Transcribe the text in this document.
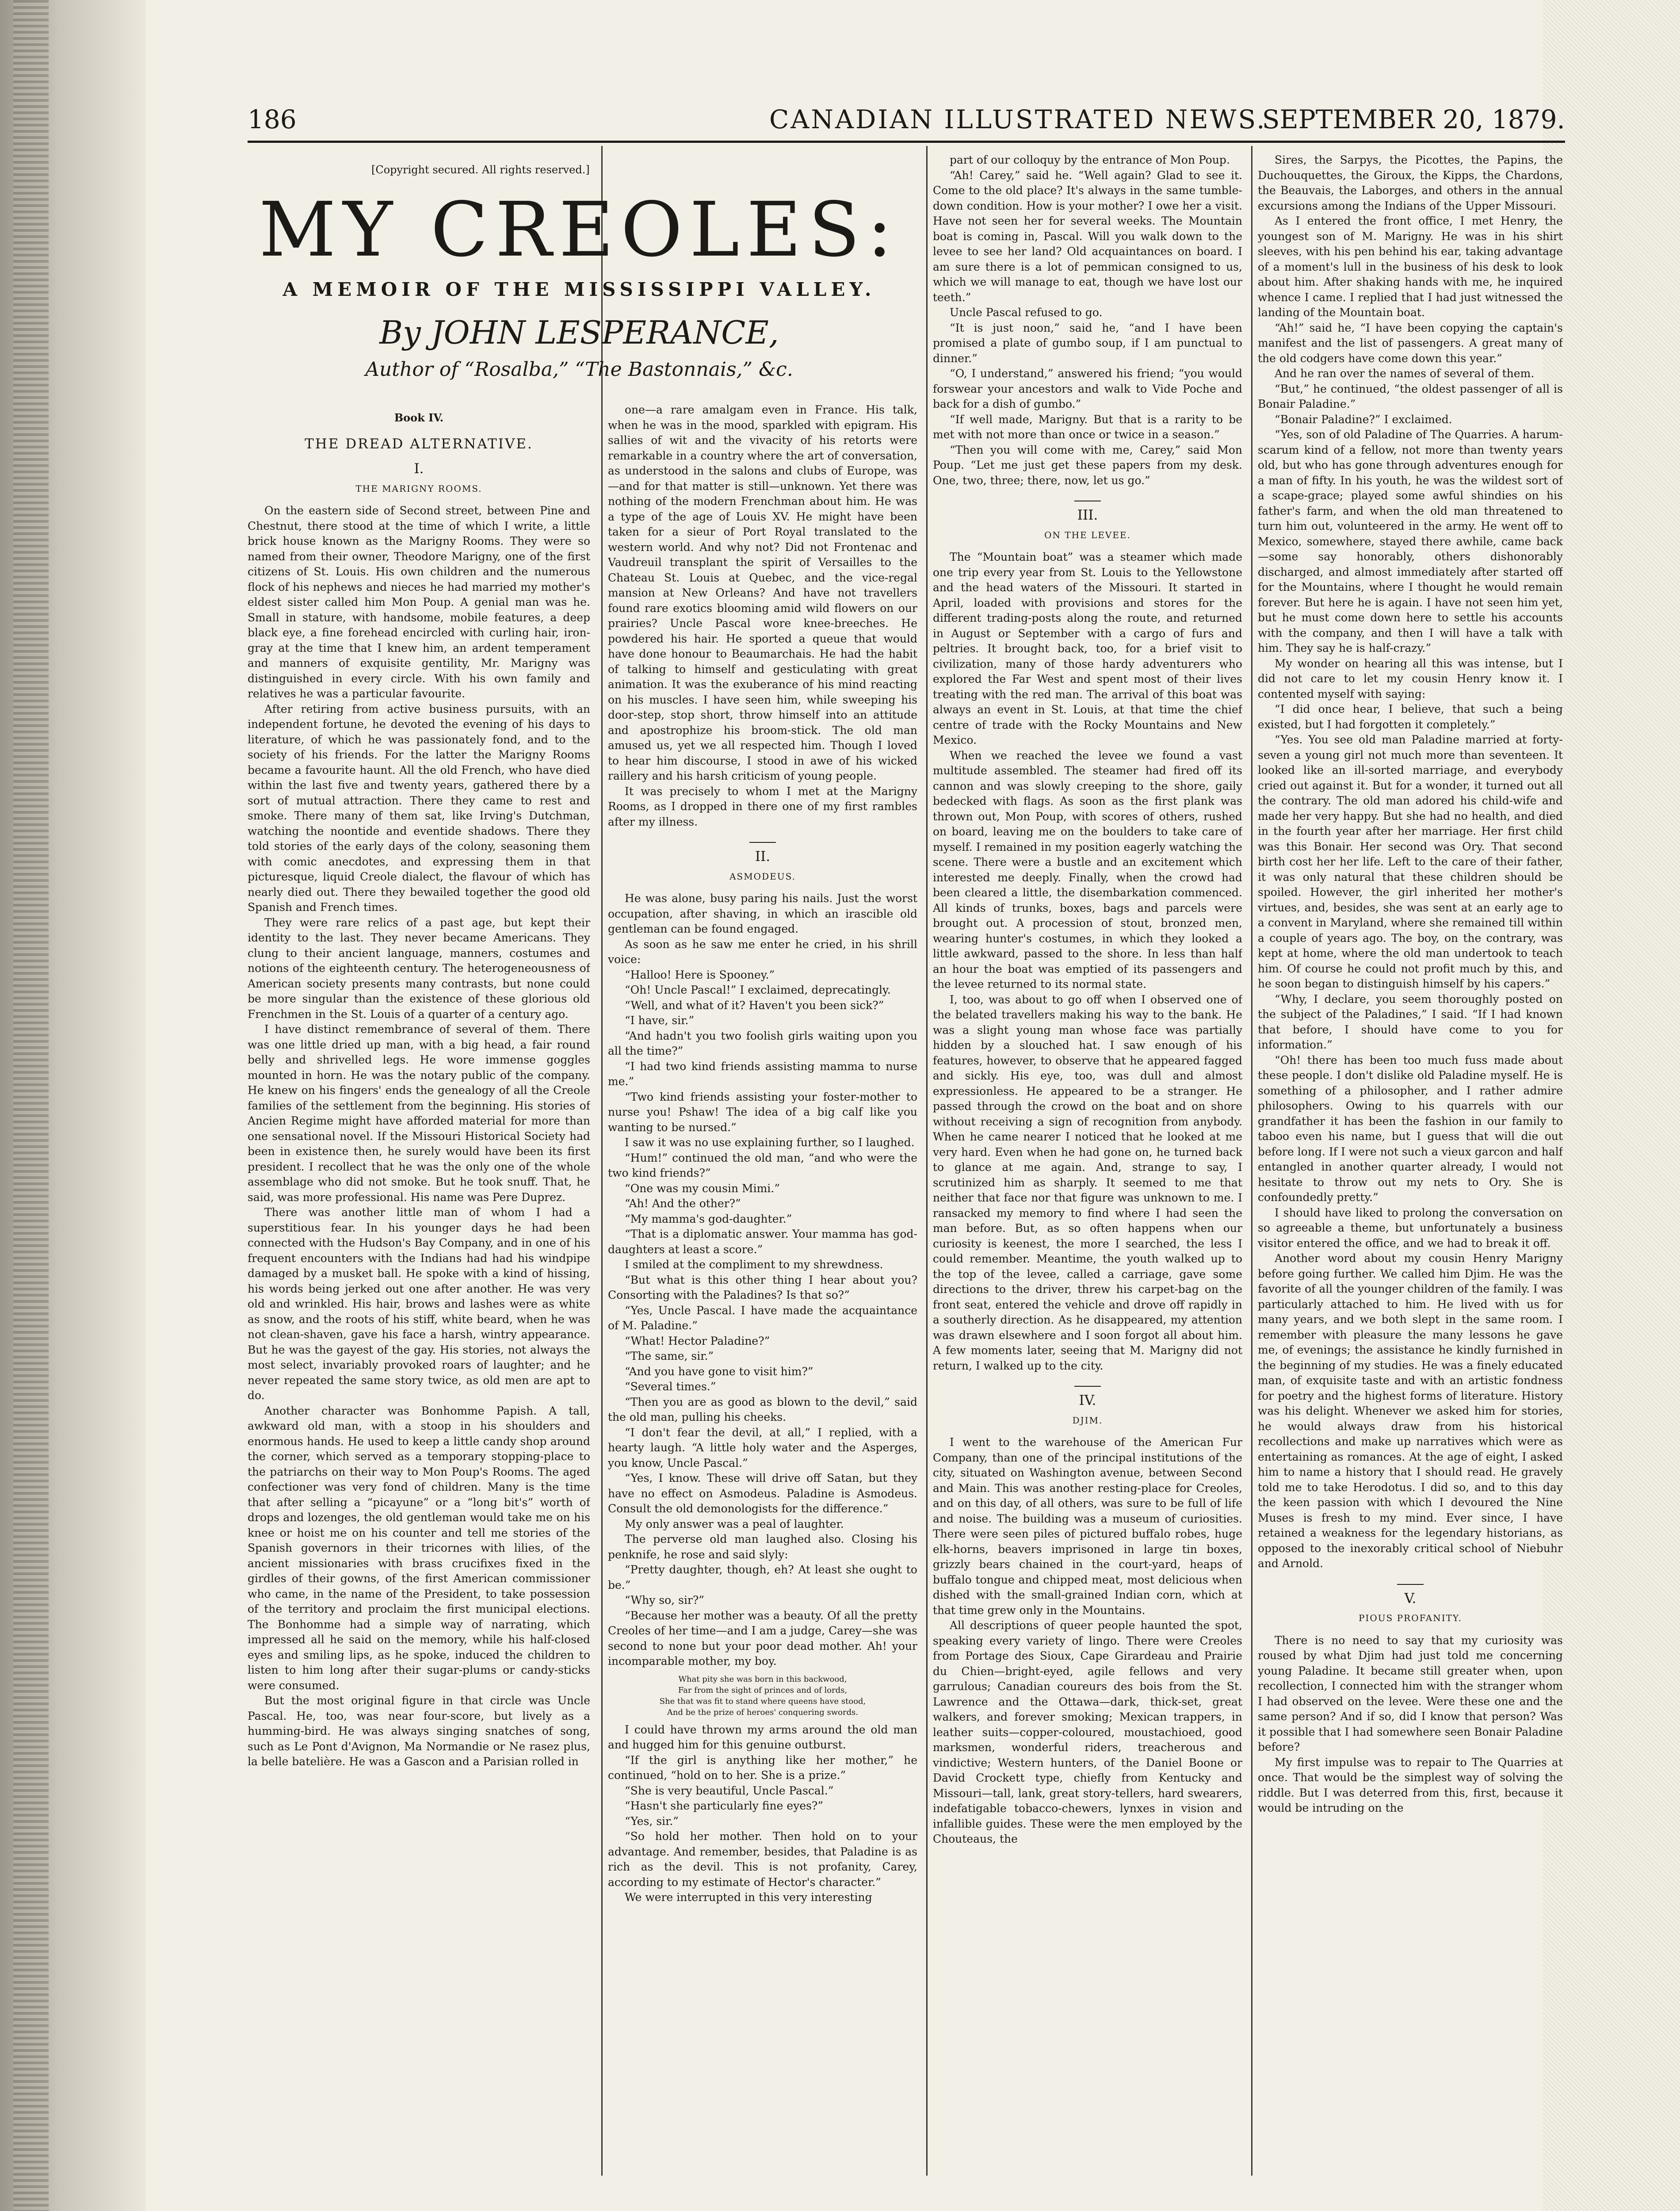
186	CANADIAN ILLUSTRATED NEWS.
SEPTEMBER 20, 1879.
[Copyright secured. All rights reserved.]
MY CREOLES:
A MEMOIR OF THE MISSISSIPPI VALLEY.
By JOHN LESPERANCE,
Author of “Rosalba,” “The Bastonnais,” &c.
Book IV.
THE DREAD ALTERNATIVE.
I.
THE MARIGNY ROOMS.

On the eastern side of Second street, between Pine and Chestnut, there stood at the time of which I write, a little brick house known as the Marigny Rooms. They were so named from their owner, Theodore Marigny, one of the first citizens of St. Louis. His own children and the numerous flock of his nephews and nieces he had married my mother's eldest sister called him Mon Poup. A genial man was he. Small in stature, with handsome, mobile features, a deep black eye, a fine forehead encircled with curling hair, iron-gray at the time that I knew him, an ardent temperament and manners of exquisite gentility, Mr. Marigny was distinguished in every circle. With his own family and relatives he was a particular favourite.

After retiring from active business pursuits, with an independent fortune, he devoted the evening of his days to literature, of which he was passionately fond, and to the society of his friends. For the latter the Marigny Rooms became a favourite haunt. All the old French, who have died within the last five and twenty years, gathered there by a sort of mutual attraction. There they came to rest and smoke. There many of them sat, like Irving's Dutchman, watching the noontide and eventide shadows. There they told stories of the early days of the colony, seasoning them with comic anecdotes, and expressing them in that picturesque, liquid Creole dialect, the flavour of which has nearly died out. There they bewailed together the good old Spanish and French times.

They were rare relics of a past age, but kept their identity to the last. They never became Americans. They clung to their ancient language, manners, costumes and notions of the eighteenth century. The heterogeneousness of American society presents many contrasts, but none could be more singular than the existence of these glorious old Frenchmen in the St. Louis of a quarter of a century ago.

I have distinct remembrance of several of them. There was one little dried up man, with a big head, a fair round belly and shrivelled legs. He wore immense goggles mounted in horn. He was the notary public of the company. He knew on his fingers' ends the genealogy of all the Creole families of the settlement from the beginning. His stories of Ancien Regime might have afforded material for more than one sensational novel. If the Missouri Historical Society had been in existence then, he surely would have been its first president. I recollect that he was the only one of the whole assemblage who did not smoke. But he took snuff. That, he said, was more professional. His name was Pere Duprez.

There was another little man of whom I had a superstitious fear. In his younger days he had been connected with the Hudson's Bay Company, and in one of his frequent encounters with the Indians had had his windpipe damaged by a musket ball. He spoke with a kind of hissing, his words being jerked out one after another. He was very old and wrinkled. His hair, brows and lashes were as white as snow, and the roots of his stiff, white beard, when he was not clean-shaven, gave his face a harsh, wintry appearance. But he was the gayest of the gay. His stories, not always the most select, invariably provoked roars of laughter; and he never repeated the same story twice, as old men are apt to do.

Another character was Bonhomme Papish. A tall, awkward old man, with a stoop in his shoulders and enormous hands. He used to keep a little candy shop around the corner, which served as a temporary stopping-place to the patriarchs on their way to Mon Poup's Rooms. The aged confectioner was very fond of children. Many is the time that after selling a “picayune” or a “long bit's” worth of drops and lozenges, the old gentleman would take me on his knee or hoist me on his counter and tell me stories of the Spanish governors in their tricornes with lilies, of the ancient missionaries with brass crucifixes fixed in the girdles of their gowns, of the first American commissioner who came, in the name of the President, to take possession of the territory and proclaim the first municipal elections. The Bonhomme had a simple way of narrating, which impressed all he said on the memory, while his half-closed eyes and smiling lips, as he spoke, induced the children to listen to him long after their sugar-plums or candy-sticks were consumed.

But the most original figure in that circle was Uncle Pascal. He, too, was near four-score, but lively as a humming-bird. He was always singing snatches of song, such as Le Pont d'Avignon, Ma Normandie or Ne rasez plus, la belle batelière. He was a Gascon and a Parisian rolled in

one—a rare amalgam even in France. His talk, when he was in the mood, sparkled with epigram. His sallies of wit and the vivacity of his retorts were remarkable in a country where the art of conversation, as understood in the salons and clubs of Europe, was—and for that matter is still—unknown. Yet there was nothing of the modern Frenchman about him. He was a type of the age of Louis XV. He might have been taken for a sieur of Port Royal translated to the western world. And why not? Did not Frontenac and Vaudreuil transplant the spirit of Versailles to the Chateau St. Louis at Quebec, and the vice-regal mansion at New Orleans? And have not travellers found rare exotics blooming amid wild flowers on our prairies? Uncle Pascal wore knee-breeches. He powdered his hair. He sported a queue that would have done honour to Beaumarchais. He had the habit of talking to himself and gesticulating with great animation. It was the exuberance of his mind reacting on his muscles. I have seen him, while sweeping his door-step, stop short, throw himself into an attitude and apostrophize his broom-stick. The old man amused us, yet we all respected him. Though I loved to hear him discourse, I stood in awe of his wicked raillery and his harsh criticism of young people.

It was precisely to whom I met at the Marigny Rooms, as I dropped in there one of my first rambles after my illness.

II.
ASMODEUS.

He was alone, busy paring his nails. Just the worst occupation, after shaving, in which an irascible old gentleman can be found engaged.

As soon as he saw me enter he cried, in his shrill voice:

“Halloo! Here is Spooney.”

“Oh! Uncle Pascal!” I exclaimed, deprecatingly.

“Well, and what of it? Haven't you been sick?”

“I have, sir.”

“And hadn't you two foolish girls waiting upon you all the time?”

“I had two kind friends assisting mamma to nurse me.”

“Two kind friends assisting your foster-mother to nurse you! Pshaw! The idea of a big calf like you wanting to be nursed.”

I saw it was no use explaining further, so I laughed.

“Hum!” continued the old man, “and who were the two kind friends?”

“One was my cousin Mimi.”

“Ah! And the other?”

“My mamma's god-daughter.”

“That is a diplomatic answer. Your mamma has god-daughters at least a score.”

I smiled at the compliment to my shrewdness.

“But what is this other thing I hear about you? Consorting with the Paladines? Is that so?”

“Yes, Uncle Pascal. I have made the acquaintance of M. Paladine.”

“What! Hector Paladine?”

“The same, sir.”

“And you have gone to visit him?”

“Several times.”

“Then you are as good as blown to the devil,” said the old man, pulling his cheeks.

“I don't fear the devil, at all,” I replied, with a hearty laugh. “A little holy water and the Asperges, you know, Uncle Pascal.”

“Yes, I know. These will drive off Satan, but they have no effect on Asmodeus. Paladine is Asmodeus. Consult the old demonologists for the difference.”

My only answer was a peal of laughter.

The perverse old man laughed also. Closing his penknife, he rose and said slyly:

“Pretty daughter, though, eh? At least she ought to be.”

“Why so, sir?”

“Because her mother was a beauty. Of all the pretty Creoles of her time—and I am a judge, Carey—she was second to none but your poor dead mother. Ah! your incomparable mother, my boy.

What pity she was born in this backwood,
Far from the sight of princes and of lords,
She that was fit to stand where queens have stood,
And be the prize of heroes' conquering swords.

I could have thrown my arms around the old man and hugged him for this genuine outburst.

“If the girl is anything like her mother,” he continued, “hold on to her. She is a prize.”

“She is very beautiful, Uncle Pascal.”

“Hasn't she particularly fine eyes?”

“Yes, sir.”

“So hold her mother. Then hold on to your advantage. And remember, besides, that Paladine is as rich as the devil. This is not profanity, Carey, according to my estimate of Hector's character.”

We were interrupted in this very interesting

part of our colloquy by the entrance of Mon Poup.

“Ah! Carey,” said he. “Well again? Glad to see it. Come to the old place? It's always in the same tumble-down condition. How is your mother? I owe her a visit. Have not seen her for several weeks. The Mountain boat is coming in, Pascal. Will you walk down to the levee to see her land? Old acquaintances on board. I am sure there is a lot of pemmican consigned to us, which we will manage to eat, though we have lost our teeth.”

Uncle Pascal refused to go.

“It is just noon,” said he, “and I have been promised a plate of gumbo soup, if I am punctual to dinner.”

“O, I understand,” answered his friend; “you would forswear your ancestors and walk to Vide Poche and back for a dish of gumbo.”

“If well made, Marigny. But that is a rarity to be met with not more than once or twice in a season.”

“Then you will come with me, Carey,” said Mon Poup. “Let me just get these papers from my desk. One, two, three; there, now, let us go.”

III.
ON THE LEVEE.

The “Mountain boat” was a steamer which made one trip every year from St. Louis to the Yellowstone and the head waters of the Missouri. It started in April, loaded with provisions and stores for the different trading-posts along the route, and returned in August or September with a cargo of furs and peltries. It brought back, too, for a brief visit to civilization, many of those hardy adventurers who explored the Far West and spent most of their lives treating with the red man. The arrival of this boat was always an event in St. Louis, at that time the chief centre of trade with the Rocky Mountains and New Mexico.

When we reached the levee we found a vast multitude assembled. The steamer had fired off its cannon and was slowly creeping to the shore, gaily bedecked with flags. As soon as the first plank was thrown out, Mon Poup, with scores of others, rushed on board, leaving me on the boulders to take care of myself. I remained in my position eagerly watching the scene. There were a bustle and an excitement which interested me deeply. Finally, when the crowd had been cleared a little, the disembarkation commenced. All kinds of trunks, boxes, bags and parcels were brought out. A procession of stout, bronzed men, wearing hunter's costumes, in which they looked a little awkward, passed to the shore. In less than half an hour the boat was emptied of its passengers and the levee returned to its normal state.

I, too, was about to go off when I observed one of the belated travellers making his way to the bank. He was a slight young man whose face was partially hidden by a slouched hat. I saw enough of his features, however, to observe that he appeared fagged and sickly. His eye, too, was dull and almost expressionless. He appeared to be a stranger. He passed through the crowd on the boat and on shore without receiving a sign of recognition from anybody. When he came nearer I noticed that he looked at me very hard. Even when he had gone on, he turned back to glance at me again. And, strange to say, I scrutinized him as sharply. It seemed to me that neither that face nor that figure was unknown to me. I ransacked my memory to find where I had seen the man before. But, as so often happens when our curiosity is keenest, the more I searched, the less I could remember. Meantime, the youth walked up to the top of the levee, called a carriage, gave some directions to the driver, threw his carpet-bag on the front seat, entered the vehicle and drove off rapidly in a southerly direction. As he disappeared, my attention was drawn elsewhere and I soon forgot all about him. A few moments later, seeing that M. Marigny did not return, I walked up to the city.

IV.
DJIM.

I went to the warehouse of the American Fur Company, than one of the principal institutions of the city, situated on Washington avenue, between Second and Main. This was another resting-place for Creoles, and on this day, of all others, was sure to be full of life and noise. The building was a museum of curiosities. There were seen piles of pictured buffalo robes, huge elk-horns, beavers imprisoned in large tin boxes, grizzly bears chained in the court-yard, heaps of buffalo tongue and chipped meat, most delicious when dished with the small-grained Indian corn, which at that time grew only in the Mountains.

All descriptions of queer people haunted the spot, speaking every variety of lingo. There were Creoles from Portage des Sioux, Cape Girardeau and Prairie du Chien—bright-eyed, agile fellows and very garrulous; Canadian coureurs des bois from the St. Lawrence and the Ottawa—dark, thick-set, great walkers, and forever smoking; Mexican trappers, in leather suits—copper-coloured, moustachioed, good marksmen, wonderful riders, treacherous and vindictive; Western hunters, of the Daniel Boone or David Crockett type, chiefly from Kentucky and Missouri—tall, lank, great story-tellers, hard swearers, indefatigable tobacco-chewers, lynxes in vision and infallible guides. These were the men employed by the Chouteaus, the

Sires, the Sarpys, the Picottes, the Papins, the Duchouquettes, the Giroux, the Kipps, the Chardons, the Beauvais, the Laborges, and others in the annual excursions among the Indians of the Upper Missouri.

As I entered the front office, I met Henry, the youngest son of M. Marigny. He was in his shirt sleeves, with his pen behind his ear, taking advantage of a moment's lull in the business of his desk to look about him. After shaking hands with me, he inquired whence I came. I replied that I had just witnessed the landing of the Mountain boat.

“Ah!” said he, “I have been copying the captain's manifest and the list of passengers. A great many of the old codgers have come down this year.”

And he ran over the names of several of them.

“But,” he continued, “the oldest passenger of all is Bonair Paladine.”

“Bonair Paladine?” I exclaimed.

“Yes, son of old Paladine of The Quarries. A harum-scarum kind of a fellow, not more than twenty years old, but who has gone through adventures enough for a man of fifty. In his youth, he was the wildest sort of a scape-grace; played some awful shindies on his father's farm, and when the old man threatened to turn him out, volunteered in the army. He went off to Mexico, somewhere, stayed there awhile, came back—some say honorably, others dishonorably discharged, and almost immediately after started off for the Mountains, where I thought he would remain forever. But here he is again. I have not seen him yet, but he must come down here to settle his accounts with the company, and then I will have a talk with him. They say he is half-crazy.”

My wonder on hearing all this was intense, but I did not care to let my cousin Henry know it. I contented myself with saying:

“I did once hear, I believe, that such a being existed, but I had forgotten it completely.”

“Yes. You see old man Paladine married at forty-seven a young girl not much more than seventeen. It looked like an ill-sorted marriage, and everybody cried out against it. But for a wonder, it turned out all the contrary. The old man adored his child-wife and made her very happy. But she had no health, and died in the fourth year after her marriage. Her first child was this Bonair. Her second was Ory. That second birth cost her her life. Left to the care of their father, it was only natural that these children should be spoiled. However, the girl inherited her mother's virtues, and, besides, she was sent at an early age to a convent in Maryland, where she remained till within a couple of years ago. The boy, on the contrary, was kept at home, where the old man undertook to teach him. Of course he could not profit much by this, and he soon began to distinguish himself by his capers.”

“Why, I declare, you seem thoroughly posted on the subject of the Paladines,” I said. “If I had known that before, I should have come to you for information.”

“Oh! there has been too much fuss made about these people. I don't dislike old Paladine myself. He is something of a philosopher, and I rather admire philosophers. Owing to his quarrels with our grandfather it has been the fashion in our family to taboo even his name, but I guess that will die out before long. If I were not such a vieux garcon and half entangled in another quarter already, I would not hesitate to throw out my nets to Ory. She is confoundedly pretty.”

I should have liked to prolong the conversation on so agreeable a theme, but unfortunately a business visitor entered the office, and we had to break it off.

Another word about my cousin Henry Marigny before going further. We called him Djim. He was the favorite of all the younger children of the family. I was particularly attached to him. He lived with us for many years, and we both slept in the same room. I remember with pleasure the many lessons he gave me, of evenings; the assistance he kindly furnished in the beginning of my studies. He was a finely educated man, of exquisite taste and with an artistic fondness for poetry and the highest forms of literature. History was his delight. Whenever we asked him for stories, he would always draw from his historical recollections and make up narratives which were as entertaining as romances. At the age of eight, I asked him to name a history that I should read. He gravely told me to take Herodotus. I did so, and to this day the keen passion with which I devoured the Nine Muses is fresh to my mind. Ever since, I have retained a weakness for the legendary historians, as opposed to the inexorably critical school of Niebuhr and Arnold.

V.
PIOUS PROFANITY.

There is no need to say that my curiosity was roused by what Djim had just told me concerning young Paladine. It became still greater when, upon recollection, I connected him with the stranger whom I had observed on the levee. Were these one and the same person? And if so, did I know that person? Was it possible that I had somewhere seen Bonair Paladine before?

My first impulse was to repair to The Quarries at once. That would be the simplest way of solving the riddle. But I was deterred from this, first, because it would be intruding on the
